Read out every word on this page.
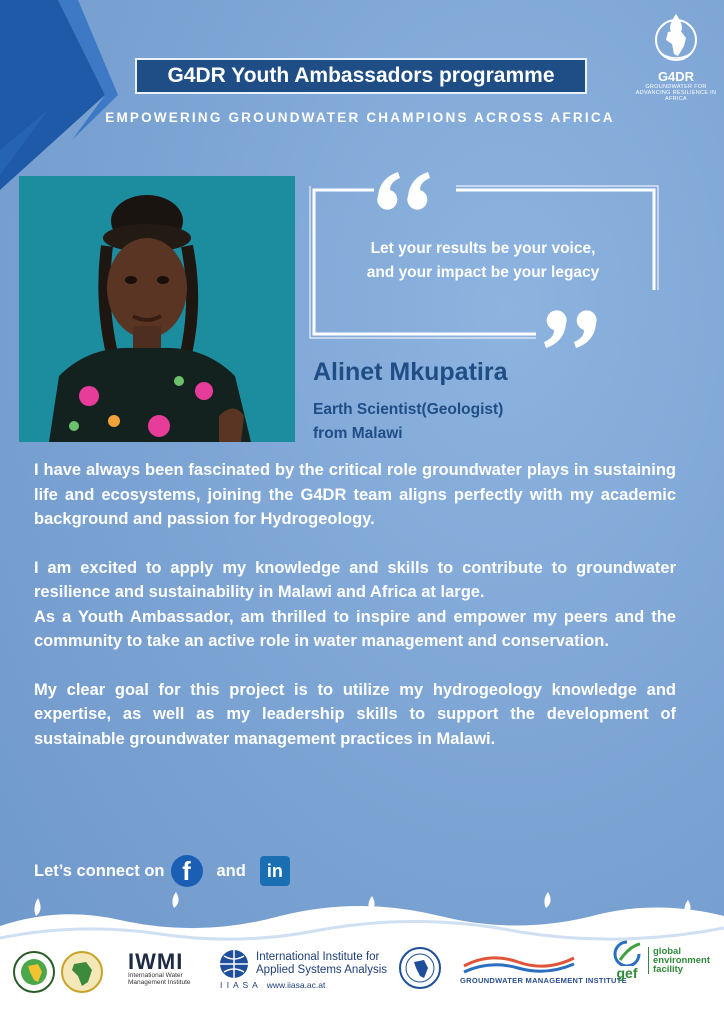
G4DR Youth Ambassadors programme
EMPOWERING GROUNDWATER CHAMPIONS ACROSS AFRICA
G4DR
GROUNDWATER FOR ADVANCING RESILIENCE IN AFRICA
Let your results be your voice,
and your impact be your legacy
Alinet Mkupatira
Earth Scientist(Geologist)
from Malawi

I have always been fascinated by the critical role groundwater plays in sustaining life and ecosystems, joining the G4DR team aligns perfectly with my academic background and passion for Hydrogeology.

I am excited to apply my knowledge and skills to contribute to groundwater resilience and sustainability in Malawi and Africa at large.

As a Youth Ambassador, am thrilled to inspire and empower my peers and the community to take an active role in water management and conservation.

My clear goal for this project is to utilize my hydrogeology knowledge and expertise, as well as my leadership skills to support the development of sustainable groundwater management practices in Malawi.

Let’s connect on f	and	in
IWMI
International Water
Management Institute
International Institute for
Applied Systems Analysis
I I A S A www.iiasa.ac.at	GROUNDWATER MANAGEMENT INSTITUTE
gef
global
environment
facility
